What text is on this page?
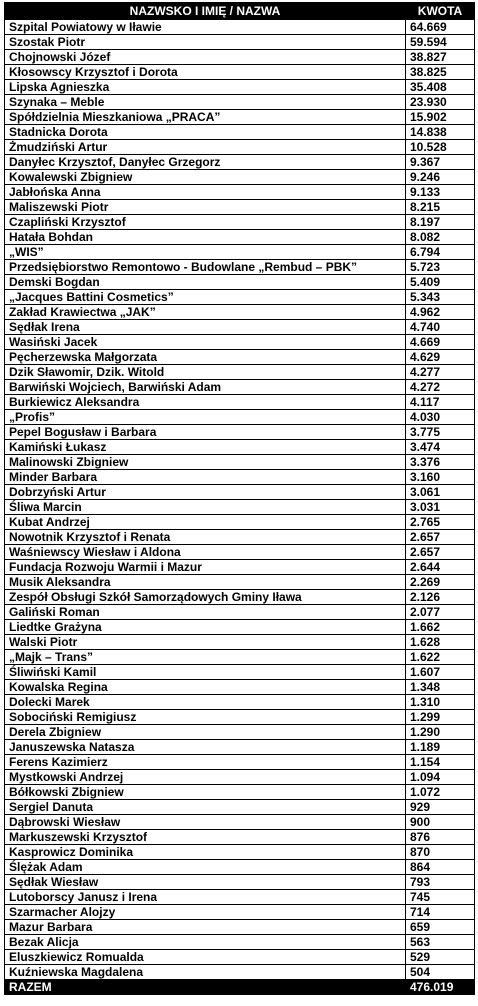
NAZWSKO I IMIĘ / NAZWA	KWOTA
Szpital Powiatowy w Iławie	64.669
Szostak Piotr	59.594
Chojnowski Józef	38.827
Kłosowscy Krzysztof i Dorota	38.825
Lipska Agnieszka	35.408
Szynaka – Meble	23.930
Spółdzielnia Mieszkaniowa „PRACA”	15.902
Stadnicka Dorota	14.838
Żmudziński Artur	10.528
Danyłec Krzysztof, Danyłec Grzegorz	9.367
Kowalewski Zbigniew	9.246
Jabłońska Anna	9.133
Maliszewski Piotr	8.215
Czapliński Krzysztof	8.197
Hatała Bohdan	8.082
„WIS”	6.794
Przedsiębiorstwo Remontowo - Budowlane „Rembud – PBK”	5.723
Demski Bogdan	5.409
„Jacques Battini Cosmetics”	5.343
Zakład Krawiectwa „JAK”	4.962
Sędłak Irena	4.740
Wasiński Jacek	4.669
Pęcherzewska Małgorzata	4.629
Dzik Sławomir, Dzik. Witold	4.277
Barwiński Wojciech, Barwiński Adam	4.272
Burkiewicz Aleksandra	4.117
„Profis”	4.030
Pepel Bogusław i Barbara	3.775
Kamiński Łukasz	3.474
Malinowski Zbigniew	3.376
Minder Barbara	3.160
Dobrzyński Artur	3.061
Śliwa Marcin	3.031
Kubat Andrzej	2.765
Nowotnik Krzysztof i Renata	2.657
Waśniewscy Wiesław i Aldona	2.657
Fundacja Rozwoju Warmii i Mazur	2.644
Musik Aleksandra	2.269
Zespół Obsługi Szkół Samorządowych Gminy Iława	2.126
Galiński Roman	2.077
Liedtke Grażyna	1.662
Walski Piotr	1.628
„Majk – Trans”	1.622
Śliwiński Kamil	1.607
Kowalska Regina	1.348
Dolecki Marek	1.310
Sobociński Remigiusz	1.299
Derela Zbigniew	1.290
Januszewska Natasza	1.189
Ferens Kazimierz	1.154
Mystkowski Andrzej	1.094
Bółkowski Zbigniew	1.072
Sergiel Danuta	929
Dąbrowski Wiesław	900
Markuszewski Krzysztof	876
Kasprowicz Dominika	870
Ślężak Adam	864
Sędłak Wiesław	793
Lutoborscy Janusz i Irena	745
Szarmacher Alojzy	714
Mazur Barbara	659
Bezak Alicja	563
Eluszkiewicz Romualda	529
Kuźniewska Magdalena	504
RAZEM	476.019
